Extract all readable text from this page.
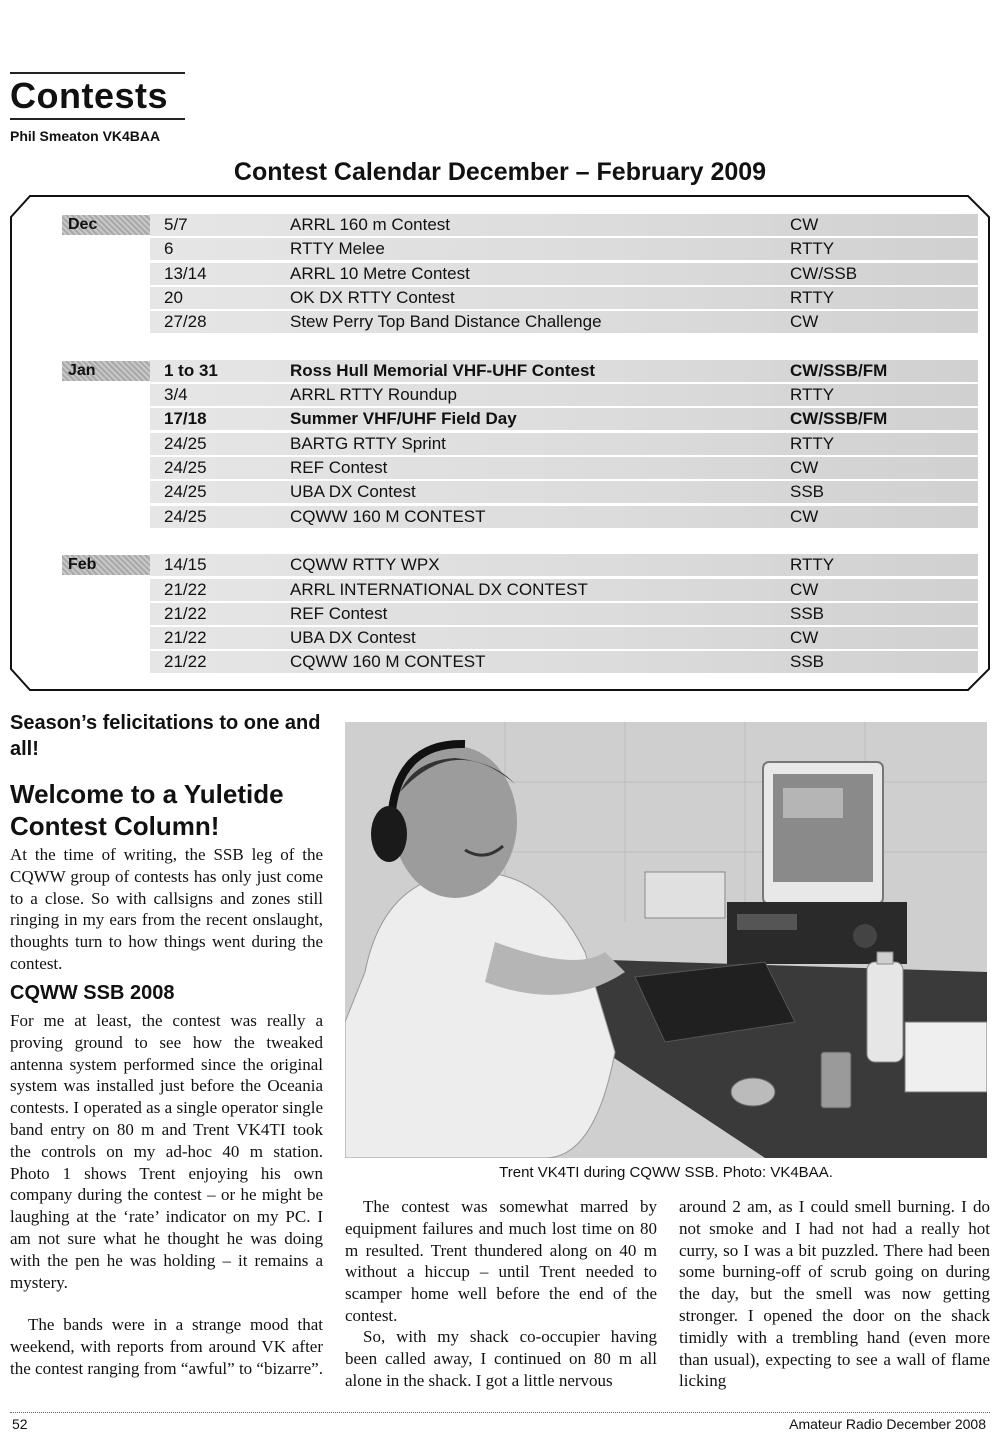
Contests
Phil Smeaton VK4BAA
Contest Calendar December – February 2009
Dec	5/7	ARRL 160 m Contest	CW
6	RTTY Melee	RTTY
13/14	ARRL 10 Metre Contest	CW/SSB
20	OK DX RTTY Contest	RTTY
27/28	Stew Perry Top Band Distance Challenge	CW
Jan	1 to 31	Ross Hull Memorial VHF-UHF Contest	CW/SSB/FM
3/4	ARRL RTTY Roundup	RTTY
17/18	Summer VHF/UHF Field Day	CW/SSB/FM
24/25	BARTG RTTY Sprint	RTTY
24/25	REF Contest	CW
24/25	UBA DX Contest	SSB
24/25	CQWW 160 M CONTEST	CW
Feb	14/15	CQWW RTTY WPX	RTTY
21/22	ARRL INTERNATIONAL DX CONTEST	CW
21/22	REF Contest	SSB
21/22	UBA DX Contest	CW
21/22	CQWW 160 M CONTEST	SSB
Season’s felicitations to one and all!
Welcome to a Yuletide Contest Column!
At the time of writing, the SSB leg of the CQWW group of contests has only just come to a close. So with callsigns and zones still ringing in my ears from the recent onslaught, thoughts turn to how things went during the contest.
CQWW SSB 2008
For me at least, the contest was really a proving ground to see how the tweaked antenna system performed since the original system was installed just before the Oceania contests. I operated as a single operator single band entry on 80 m and Trent VK4TI took the controls on my ad-hoc 40 m station. Photo 1 shows Trent enjoying his own company during the contest – or he might be laughing at the ‘rate’ indicator on my PC. I am not sure what he thought he was doing with the pen he was holding – it remains a mystery.
The bands were in a strange mood that weekend, with reports from around VK after the contest ranging from “awful” to “bizarre”.
Trent VK4TI during CQWW SSB. Photo: VK4BAA.
The contest was somewhat marred by equipment failures and much lost time on 80 m resulted. Trent thundered along on 40 m without a hiccup – until Trent needed to scamper home well before the end of the contest.
So, with my shack co-occupier having been called away, I continued on 80 m all alone in the shack. I got a little nervous
around 2 am, as I could smell burning. I do not smoke and I had not had a really hot curry, so I was a bit puzzled. There had been some burning-off of scrub going on during the day, but the smell was now getting stronger. I opened the door on the shack timidly with a trembling hand (even more than usual), expecting to see a wall of flame licking
52	Amateur Radio December 2008
